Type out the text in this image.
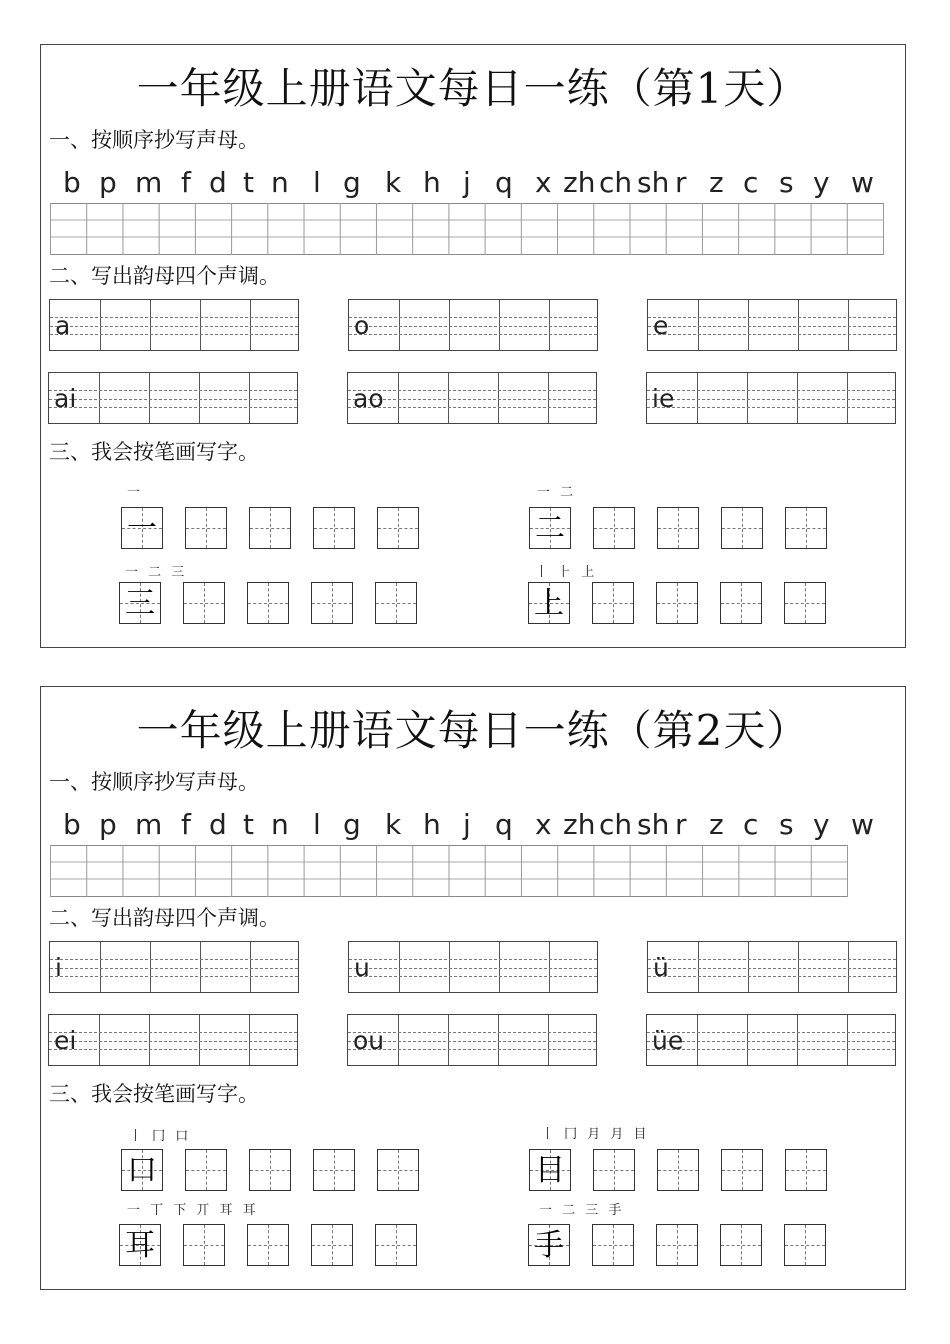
一年级上册语文每日一练（第1天）
一、按顺序抄写声母。
b p m f d t n l g k h j q x zh ch sh r z c s y w
二、写出韵母四个声调。
a	o	e
ai	ao	ie
三、我会按笔画写字。
一
一
一 二
二
一 二 三
三
丨 ⺊ 上
上
一年级上册语文每日一练（第2天）
一、按顺序抄写声母。
b p m f d t n l g k h j q x zh ch sh r z c s y w
二、写出韵母四个声调。
i	u	ü
ei	ou	üe
三、我会按笔画写字。
丨 冂 口
口
丨 冂 月 月 目
目
一 丅 下 丌 耳 耳
耳
一 二 三 手
手
